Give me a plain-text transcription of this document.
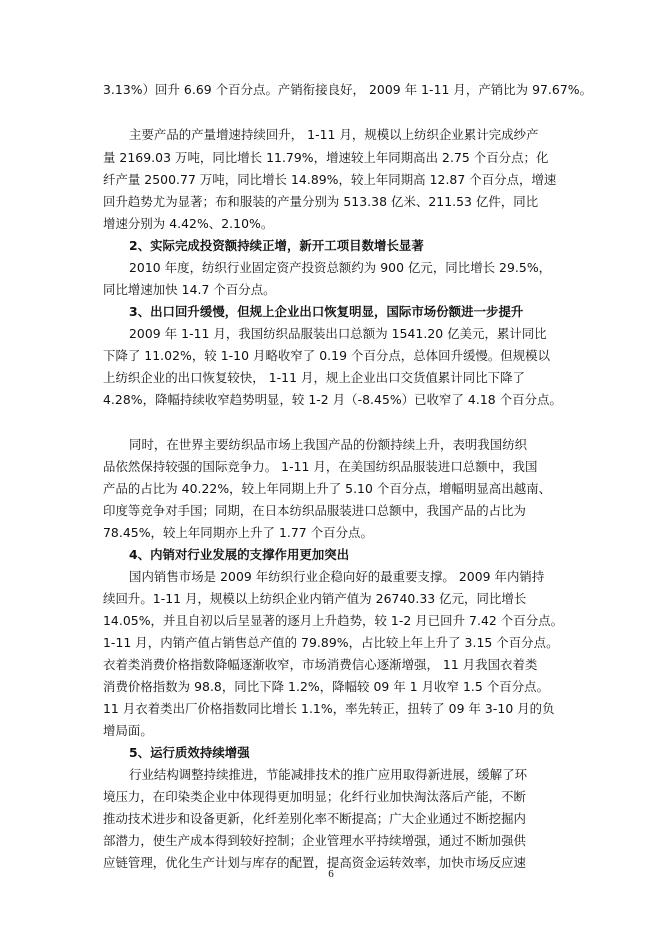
3.13%）回升 6.69 个百分点。产销衔接良好， 2009 年 1-11 月，产销比为 97.67%。
主要产品的产量增速持续回升， 1-11 月，规模以上纺织企业累计完成纱产
量 2169.03 万吨，同比增长 11.79%，增速较上年同期高出 2.75 个百分点；化
纤产量 2500.77 万吨，同比增长 14.89%，较上年同期高 12.87 个百分点，增速
回升趋势尤为显著；布和服装的产量分别为 513.38 亿米、211.53 亿件，同比
增速分别为 4.42%、2.10%。
2、实际完成投资额持续正增，新开工项目数增长显著
2010 年度，纺织行业固定资产投资总额约为 900 亿元，同比增长 29.5%，
同比增速加快 14.7 个百分点。
3、出口回升缓慢，但规上企业出口恢复明显，国际市场份额进一步提升
2009 年 1-11 月，我国纺织品服装出口总额为 1541.20 亿美元，累计同比
下降了 11.02%，较 1-10 月略收窄了 0.19 个百分点，总体回升缓慢。但规模以
上纺织企业的出口恢复较快， 1-11 月，规上企业出口交货值累计同比下降了
4.28%，降幅持续收窄趋势明显，较 1-2 月（-8.45%）已收窄了 4.18 个百分点。
同时，在世界主要纺织品市场上我国产品的份额持续上升，表明我国纺织
品依然保持较强的国际竞争力。 1-11 月，在美国纺织品服装进口总额中，我国
产品的占比为 40.22%，较上年同期上升了 5.10 个百分点，增幅明显高出越南、
印度等竞争对手国；同期，在日本纺织品服装进口总额中，我国产品的占比为
78.45%，较上年同期亦上升了 1.77 个百分点。
4、内销对行业发展的支撑作用更加突出
国内销售市场是 2009 年纺织行业企稳向好的最重要支撑。 2009 年内销持
续回升。1-11 月，规模以上纺织企业内销产值为 26740.33 亿元，同比增长
14.05%，并且自初以后呈显著的逐月上升趋势，较 1-2 月已回升 7.42 个百分点。
1-11 月，内销产值占销售总产值的 79.89%，占比较上年上升了 3.15 个百分点。
衣着类消费价格指数降幅逐渐收窄，市场消费信心逐渐增强， 11 月我国衣着类
消费价格指数为 98.8，同比下降 1.2%，降幅较 09 年 1 月收窄 1.5 个百分点。
11 月衣着类出厂价格指数同比增长 1.1%，率先转正，扭转了 09 年 3-10 月的负
增局面。
5、运行质效持续增强
行业结构调整持续推进，节能减排技术的推广应用取得新进展，缓解了环
境压力，在印染类企业中体现得更加明显；化纤行业加快淘汰落后产能，不断
推动技术进步和设备更新，化纤差别化率不断提高；广大企业通过不断挖掘内
部潜力，使生产成本得到较好控制；企业管理水平持续增强，通过不断加强供
应链管理，优化生产计划与库存的配置，提高资金运转效率，加快市场反应速
6
